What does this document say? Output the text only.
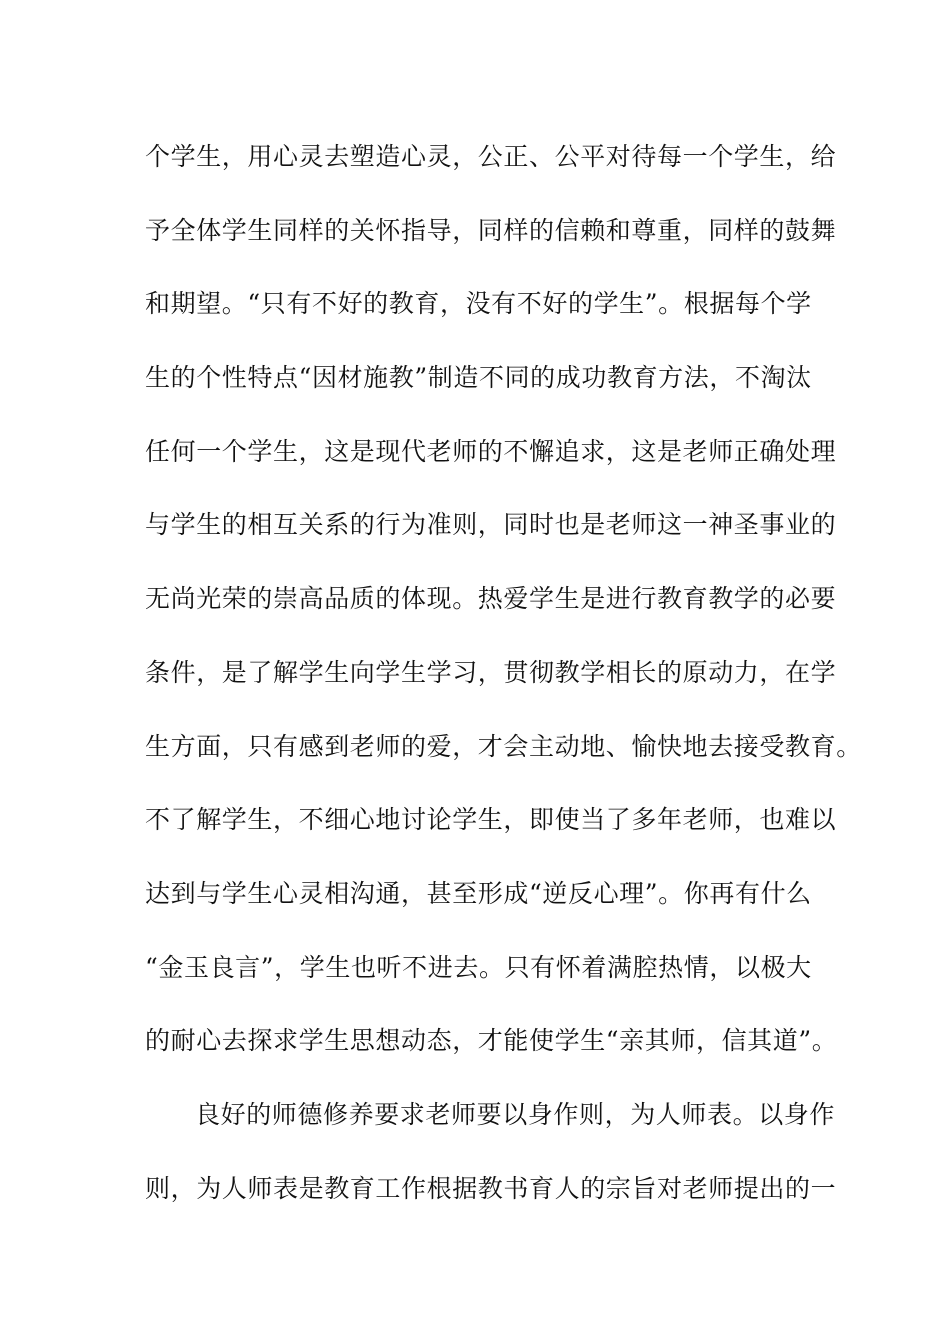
个学生，用心灵去塑造心灵，公正、公平对待每一个学生，给
予全体学生同样的关怀指导，同样的信赖和尊重，同样的鼓舞
和期望。“只有不好的教育，没有不好的学生”。根据每个学
生的个性特点“因材施教”制造不同的成功教育方法，不淘汰
任何一个学生，这是现代老师的不懈追求，这是老师正确处理
与学生的相互关系的行为准则，同时也是老师这一神圣事业的
无尚光荣的崇高品质的体现。热爱学生是进行教育教学的必要
条件，是了解学生向学生学习，贯彻教学相长的原动力，在学
生方面，只有感到老师的爱，才会主动地、愉快地去接受教育。
不了解学生，不细心地讨论学生，即使当了多年老师，也难以
达到与学生心灵相沟通，甚至形成“逆反心理”。你再有什么
“金玉良言”，学生也听不进去。只有怀着满腔热情，以极大
的耐心去探求学生思想动态，才能使学生“亲其师，信其道”。
良好的师德修养要求老师要以身作则，为人师表。以身作
则，为人师表是教育工作根据教书育人的宗旨对老师提出的一
